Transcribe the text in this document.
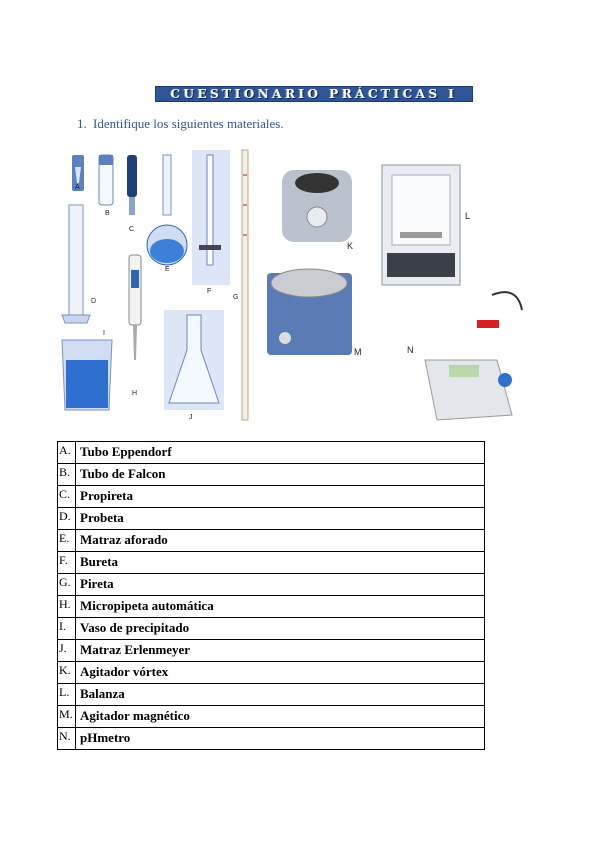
CUESTIONARIO PRÁCTICAS I
1. Identifique los siguientes materiales.
A
B
C
D
E
F
G
H
I
J
K
L
M	N
A.	Tubo Eppendorf
B.	Tubo de Falcon
C.	Propireta
D.	Probeta
E.	Matraz aforado
F.	Bureta
G.	Pireta
H.	Micropipeta automática
I.	Vaso de precipitado
J.	Matraz Erlenmeyer
K.	Agitador vórtex
L.	Balanza
M.	Agitador magnético
N.	pHmetro
